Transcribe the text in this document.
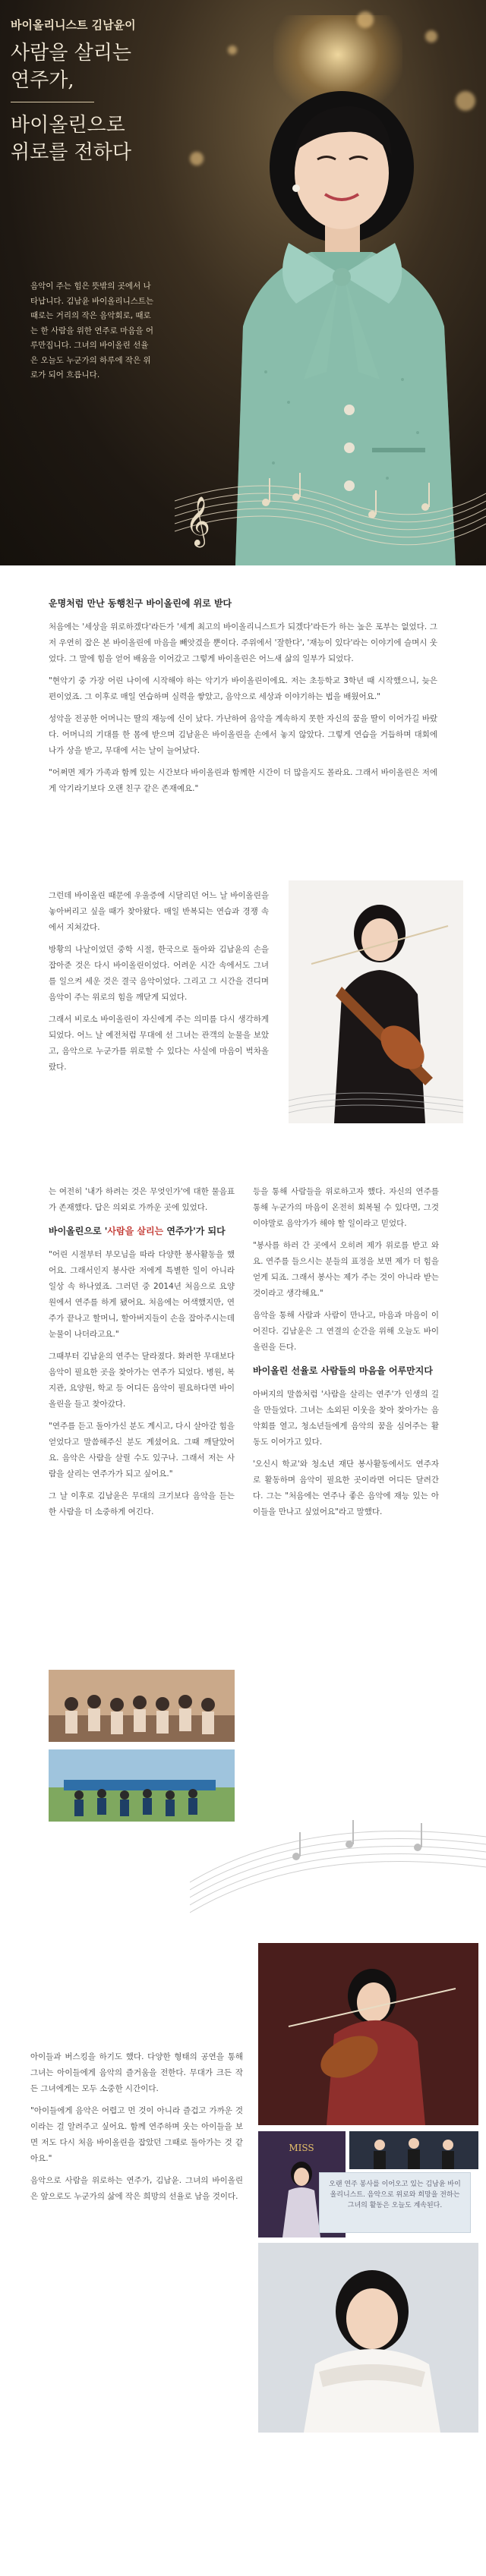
바이올리니스트 김남윤이
사람을 살리는
연주가,
바이올린으로
위로를 전하다
음악이 주는 힘은 뜻밖의 곳에서 나타납니다. 김남윤 바이올리니스트는 때로는 거리의 작은 음악회로, 때로는 한 사람을 위한 연주로 마음을 어루만집니다. 그녀의 바이올린 선율은 오늘도 누군가의 하루에 작은 위로가 되어 흐릅니다.
𝄞
운명처럼 만난 동행친구 바이올린에 위로 받다

처음에는 '세상을 위로하겠다'라든가 '세계 최고의 바이올리니스트가 되겠다'라든가 하는 높은 포부는 없었다. 그저 우연히 잡은 본 바이올린에 마음을 빼앗겼을 뿐이다. 주위에서 '잘한다', '재능이 있다'라는 이야기에 슬며시 웃었다. 그 말에 힘을 얻어 배움을 이어갔고 그렇게 바이올린은 어느새 삶의 일부가 되었다.

"현악기 중 가장 어린 나이에 시작해야 하는 악기가 바이올린이에요. 저는 초등학교 3학년 때 시작했으니, 늦은 편이었죠. 그 이후로 매일 연습하며 실력을 쌓았고, 음악으로 세상과 이야기하는 법을 배웠어요."

성악을 전공한 어머니는 딸의 재능에 신이 났다. 가난하여 음악을 계속하지 못한 자신의 꿈을 딸이 이어가길 바랐다. 어머니의 기대를 한 몸에 받으며 김남윤은 바이올린을 손에서 놓지 않았다. 그렇게 연습을 거듭하며 대회에 나가 상을 받고, 무대에 서는 날이 늘어났다.

"어쩌면 제가 가족과 함께 있는 시간보다 바이올린과 함께한 시간이 더 많을지도 몰라요. 그래서 바이올린은 저에게 악기라기보다 오랜 친구 같은 존재예요."

그런데 바이올린 때문에 우울증에 시달리던 어느 날 바이올린을 놓아버리고 싶을 때가 찾아왔다. 매일 반복되는 연습과 경쟁 속에서 지쳐갔다.

방황의 나날이었던 중학 시절, 한국으로 돌아와 김남윤의 손을 잡아준 것은 다시 바이올린이었다. 어려운 시간 속에서도 그녀를 일으켜 세운 것은 결국 음악이었다. 그리고 그 시간을 견디며 음악이 주는 위로의 힘을 깨닫게 되었다.

그래서 비로소 바이올린이 자신에게 주는 의미를 다시 생각하게 되었다. 어느 날 예전처럼 무대에 선 그녀는 관객의 눈물을 보았고, 음악으로 누군가를 위로할 수 있다는 사실에 마음이 벅차올랐다.

는 여전히 '내가 하려는 것은 무엇인가'에 대한 물음표가 존재했다. 답은 의외로 가까운 곳에 있었다.

바이올린으로 '사람을 살리는 연주가'가 되다

"어린 시절부터 부모님을 따라 다양한 봉사활동을 했어요. 그래서인지 봉사란 저에게 특별한 일이 아니라 일상 속 하나였죠. 그러던 중 2014년 처음으로 요양원에서 연주를 하게 됐어요. 처음에는 어색했지만, 연주가 끝나고 할머니, 할아버지들이 손을 잡아주시는데 눈물이 나더라고요."

그때부터 김남윤의 연주는 달라졌다. 화려한 무대보다 음악이 필요한 곳을 찾아가는 연주가 되었다. 병원, 복지관, 요양원, 학교 등 어디든 음악이 필요하다면 바이올린을 들고 찾아갔다.

"연주를 듣고 돌아가신 분도 계시고, 다시 살아갈 힘을 얻었다고 말씀해주신 분도 계셨어요. 그때 깨달았어요. 음악은 사람을 살릴 수도 있구나. 그래서 저는 사람을 살리는 연주가가 되고 싶어요."

그 날 이후로 김남윤은 무대의 크기보다 음악을 듣는 한 사람을 더 소중하게 여긴다.

등을 통해 사람들을 위로하고자 했다. 자신의 연주를 통해 누군가의 마음이 온전히 회복될 수 있다면, 그것이야말로 음악가가 해야 할 일이라고 믿었다.

"봉사를 하러 간 곳에서 오히려 제가 위로를 받고 와요. 연주를 들으시는 분들의 표정을 보면 제가 더 힘을 얻게 되죠. 그래서 봉사는 제가 주는 것이 아니라 받는 것이라고 생각해요."

음악을 통해 사람과 사람이 만나고, 마음과 마음이 이어진다. 김남윤은 그 연결의 순간을 위해 오늘도 바이올린을 든다.

바이올린 선율로 사람들의 마음을 어루만지다

아버지의 말씀처럼 '사람을 살리는 연주'가 인생의 길을 만들었다. 그녀는 소외된 이웃을 찾아 찾아가는 음악회를 열고, 청소년들에게 음악의 꿈을 심어주는 활동도 이어가고 있다.

'오신시 학교'와 청소년 재단 봉사활동에서도 연주자로 활동하며 음악이 필요한 곳이라면 어디든 달려간다. 그는 "처음에는 연주나 좋은 음악에 재능 있는 아이들을 만나고 싶었어요"라고 말했다.

아이들과 버스킹을 하기도 했다. 다양한 형태의 공연을 통해 그녀는 아이들에게 음악의 즐거움을 전한다. 무대가 크든 작든 그녀에게는 모두 소중한 시간이다.

"아이들에게 음악은 어렵고 먼 것이 아니라 즐겁고 가까운 것이라는 걸 알려주고 싶어요. 함께 연주하며 웃는 아이들을 보면 저도 다시 처음 바이올린을 잡았던 그때로 돌아가는 것 같아요."

음악으로 사람을 위로하는 연주가, 김남윤. 그녀의 바이올린은 앞으로도 누군가의 삶에 작은 희망의 선율로 남을 것이다.

MISS
오랜 연주 봉사를 이어오고 있는 김남윤 바이올리니스트. 음악으로 위로와 희망을 전하는 그녀의 활동은 오늘도 계속된다.
